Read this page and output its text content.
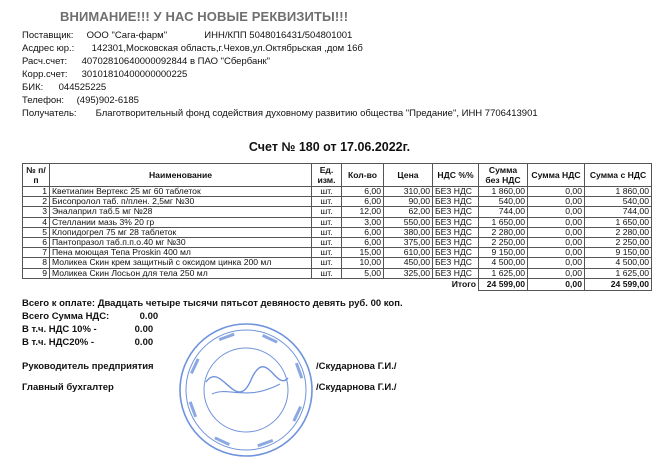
ВНИМАНИЕ!!! У НАС НОВЫЕ РЕКВИЗИТЫ!!!
Поставщик: ООО "Сага-фарм"	ИНН/КПП 5048016431/504801001
Асдрес юр.: 142301,Московская область,г.Чехов,ул.Октябрьская ,дом 16б
Расч.счет: 40702810640000092844 в ПАО "Сбербанк"
Корр.счет: 30101810400000000225
БИК: 044525225
Телефон: (495)902-6185
Получатель: Благотворительный фонд содействия духовному развитию общества "Предание", ИНН 7706413901
Счет № 180 от 17.06.2022г.
№ п/п	Наименование	Ед. изм.	Кол-во	Цена	НДС %%	Сумма без НДС	Сумма НДС	Сумма с НДС
1	Кветиапин Вертекс 25 мг 60 таблеток	шт.	6,00	310,00	БЕЗ НДС	1 860,00	0,00	1 860,00
2	Бисопролол таб. п/плен. 2,5мг №30	шт.	6,00	90,00	БЕЗ НДС	540,00	0,00	540,00
3	Эналаприл таб.5 мг №28	шт.	12,00	62,00	БЕЗ НДС	744,00	0,00	744,00
4	Стеллании мазь 3% 20 гр	шт.	3,00	550,00	БЕЗ НДС	1 650,00	0,00	1 650,00
5	Клопидогрел 75 мг 28 таблеток	шт.	6,00	380,00	БЕЗ НДС	2 280,00	0,00	2 280,00
6	Пантопразол таб.п.п.о.40 мг №30	шт.	6,00	375,00	БЕЗ НДС	2 250,00	0,00	2 250,00
7	Пена моющая Тепа Proskin 400 мл	шт.	15,00	610,00	БЕЗ НДС	9 150,00	0,00	9 150,00
8	Моликеа Скин крем защитный с оксидом цинка 200 мл	шт.	10,00	450,00	БЕЗ НДС	4 500,00	0,00	4 500,00
9	Моликеа Скин Лосьон для тела 250 мл	шт.	5,00	325,00	БЕЗ НДС	1 625,00	0,00	1 625,00
Итого						24 599,00	0,00	24 599,00
Всего к оплате: Двадцать четыре тысячи пятьсот девяносто девять руб. 00 коп.
Всего Сумма НДС:	0.00
В т.ч. НДС 10% -	0.00
В т.ч. НДС20% -	0.00
Руководитель предприятия	/Скударнова Г.И./
Главный бухгалтер	/Скударнова Г.И./
